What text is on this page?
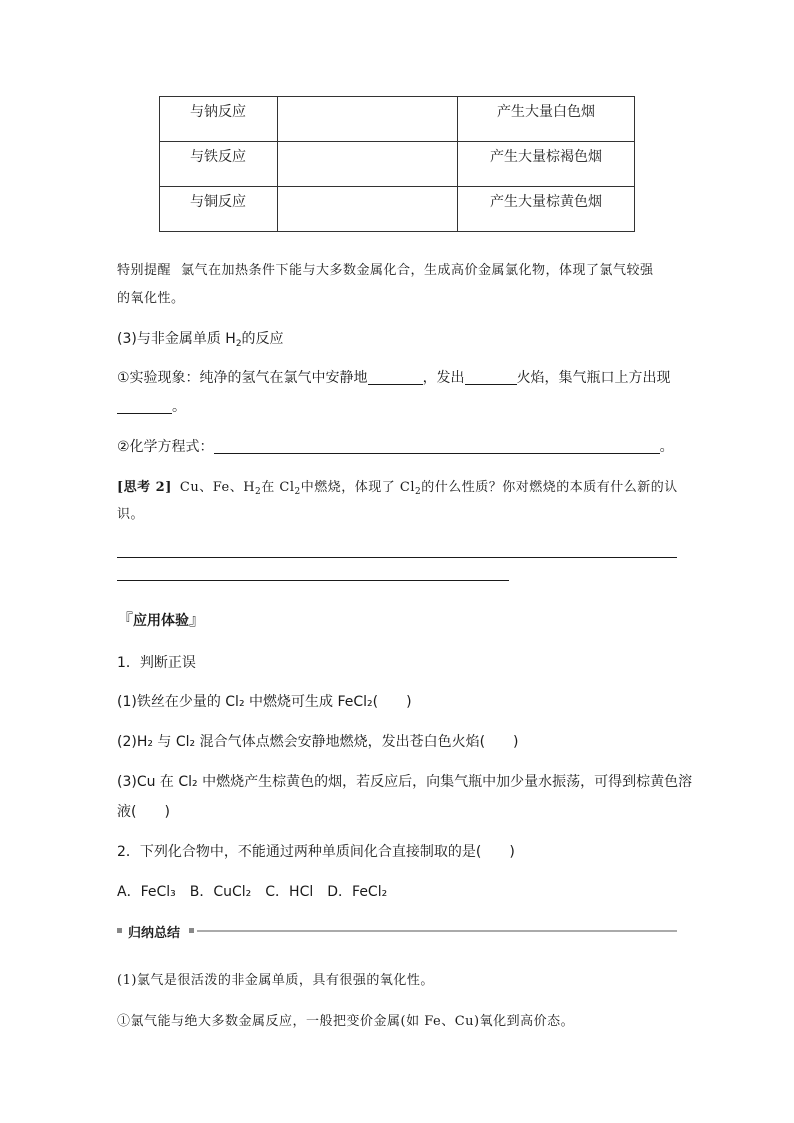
与钠反应		产生大量白色烟
与铁反应		产生大量棕褐色烟
与铜反应		产生大量棕黄色烟
特别提醒 氯气在加热条件下能与大多数金属化合，生成高价金属氯化物，体现了氯气较强
的氧化性。
(3)与非金属单质 $H_2$的反应
①实验现象：纯净的氢气在氯气中安静地	，发出	火焰，集气瓶口上方出现
。
②化学方程式：	。
[思考 2] Cu、Fe、$H_2$在 $Cl_2$中燃烧，体现了 $Cl_2$的什么性质？你对燃烧的本质有什么新的认
识。
『应用体验』
1．判断正误
(1)铁丝在少量的 Cl₂ 中燃烧可生成 FeCl₂(　　)
(2)H₂ 与 Cl₂ 混合气体点燃会安静地燃烧，发出苍白色火焰(　　)
(3)Cu 在 Cl₂ 中燃烧产生棕黄色的烟，若反应后，向集气瓶中加少量水振荡，可得到棕黄色溶
液(　　)
2．下列化合物中，不能通过两种单质间化合直接制取的是(　　)
A．FeCl₃　B．CuCl₂　C．HCl　D．FeCl₂
归纳总结
(1)氯气是很活泼的非金属单质，具有很强的氧化性。
①氯气能与绝大多数金属反应，一般把变价金属(如 Fe、Cu)氧化到高价态。
